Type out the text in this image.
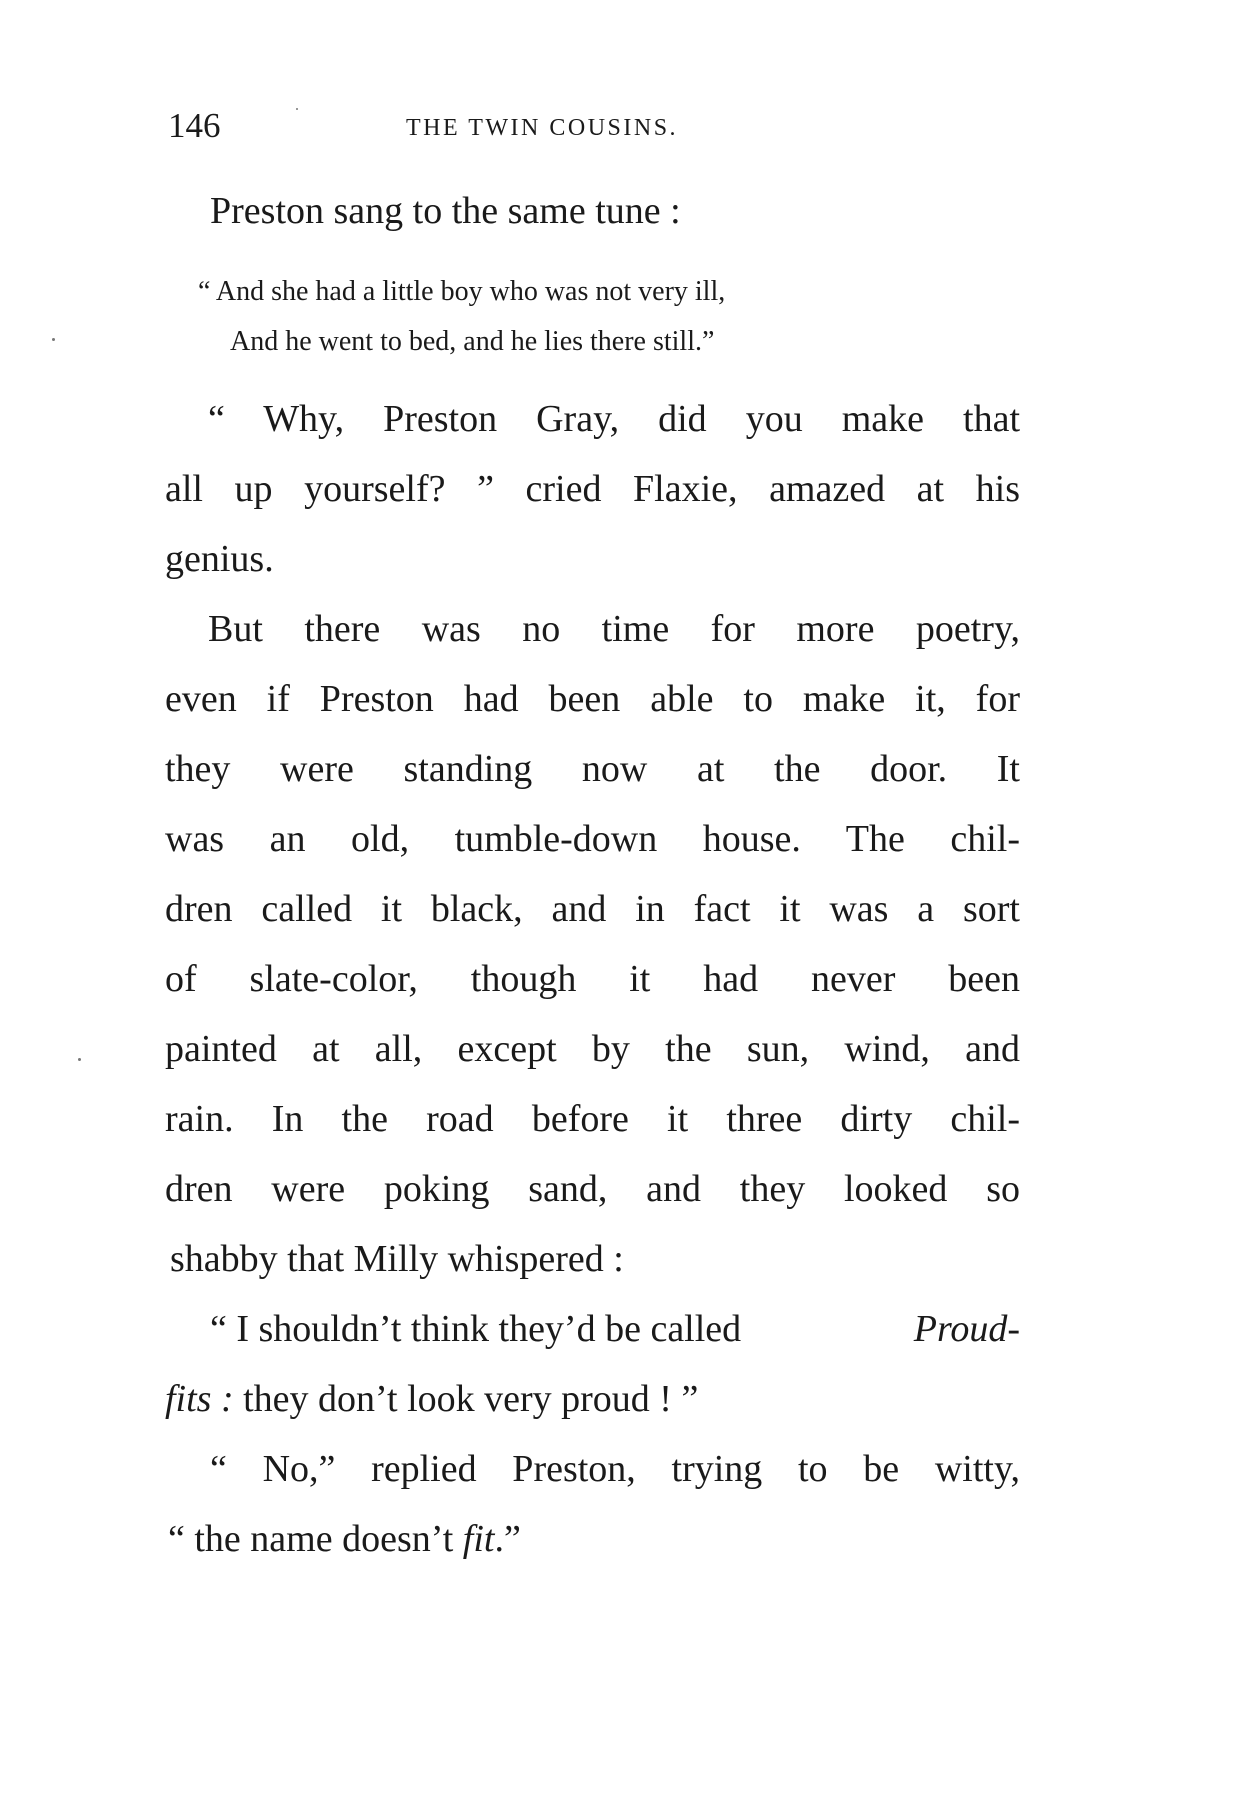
146	THE TWIN COUSINS.
Preston sang to the same tune :
“ And she had a little boy who was not very ill,
And he went to bed, and he lies there still.”
“ Why, Preston Gray, did you make that
all up yourself? ” cried Flaxie, amazed at his
genius.
But there was no time for more poetry,
even if Preston had been able to make it, for
they were standing now at the door. It
was an old, tumble-down house. The chil-
dren called it black, and in fact it was a sort
of slate-color, though it had never been
painted at all, except by the sun, wind, and
rain. In the road before it three dirty chil-
dren were poking sand, and they looked so
shabby that Milly whispered :
“ I shouldn’t think they’d be called	Proud-
fits : they don’t look very proud ! ”
“ No,” replied Preston, trying to be witty,
“ the name doesn’t fit.”
